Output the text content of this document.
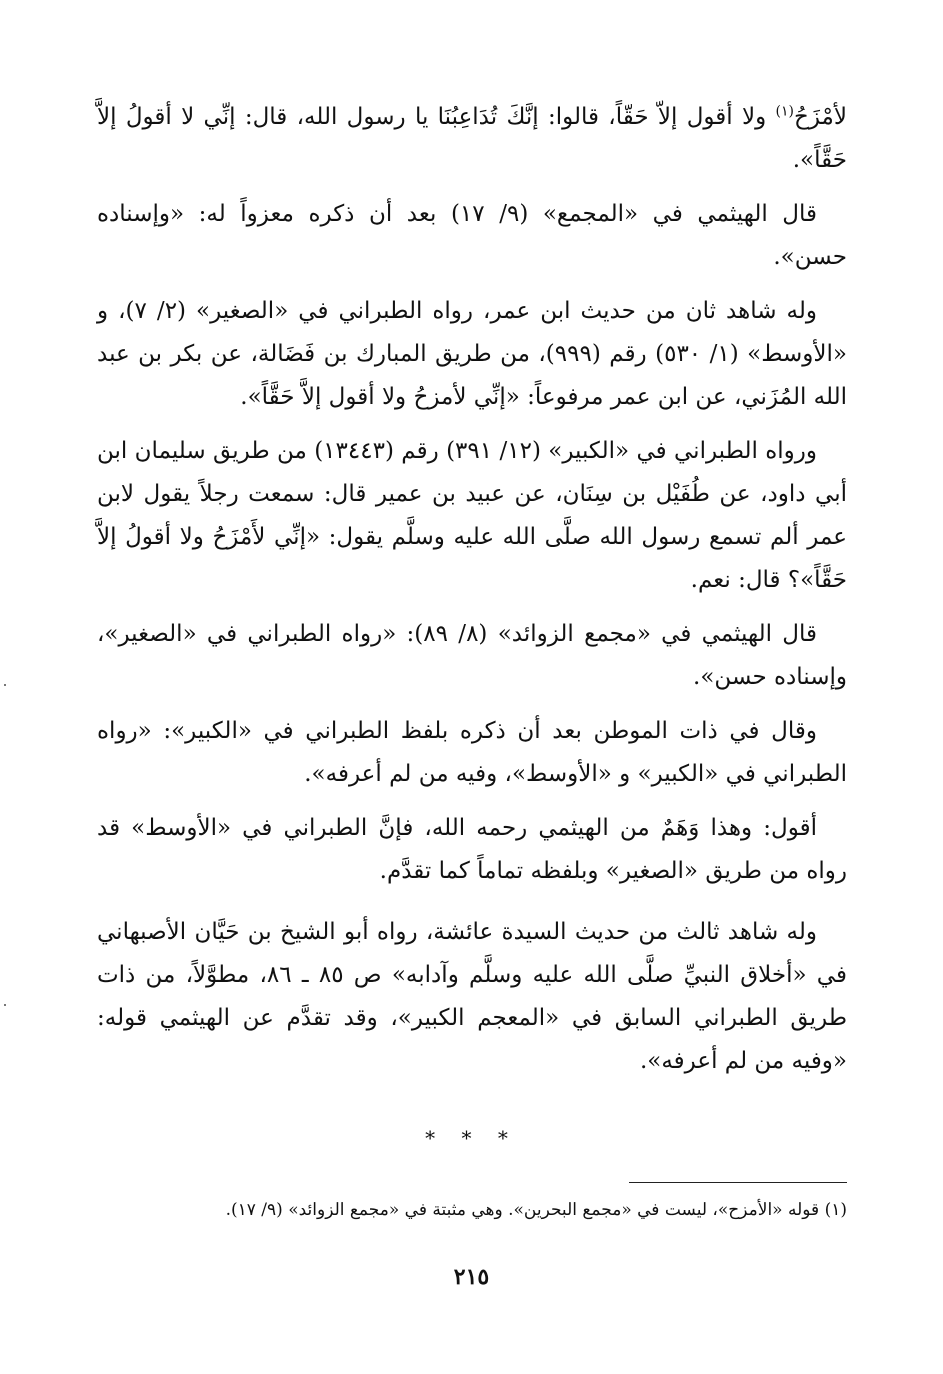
لأمْزَحُ$^{(١)}$ ولا أقول إلاّ حَقّاً، قالوا: إنَّكَ تُدَاعِبُنَا يا رسول الله، قال: إنِّي لا أقولُ إلاَّ حَقَّاً».

قال الهيثمي في «المجمع» (٩/ ١٧) بعد أن ذكره معزواً له: «وإسناده حسن».

وله شاهد ثان من حديث ابن عمر، رواه الطبراني في «الصغير» (٢/ ٧)، و «الأوسط» (١/ ٥٣٠) رقم (٩٩٩)، من طريق المبارك بن فَضَالة، عن بكر بن عبد الله المُزَني، عن ابن عمر مرفوعاً: «إنِّي لأمزحُ ولا أقول إلاَّ حَقَّاً».

ورواه الطبراني في «الكبير» (١٢/ ٣٩١) رقم (١٣٤٤٣) من طريق سليمان ابن أبي داود، عن طُفَيْل بن سِنَان، عن عبيد بن عمير قال: سمعت رجلاً يقول لابن عمر ألم تسمع رسول الله صلَّى الله عليه وسلَّم يقول: «إنِّي لأَمْزَحُ ولا أقولُ إلاَّ حَقَّاً»؟ قال: نعم.

قال الهيثمي في «مجمع الزوائد» (٨/ ٨٩): «رواه الطبراني في «الصغير»، وإسناده حسن».

وقال في ذات الموطن بعد أن ذكره بلفظ الطبراني في «الكبير»: «رواه الطبراني في «الكبير» و «الأوسط»، وفيه من لم أعرفه».

أقول: وهذا وَهَمٌ من الهيثمي رحمه الله، فإنَّ الطبراني في «الأوسط» قد رواه من طريق «الصغير» وبلفظه تماماً كما تقدَّم.

وله شاهد ثالث من حديث السيدة عائشة، رواه أبو الشيخ بن حَيَّان الأصبهاني في «أخلاق النبيِّ صلَّى الله عليه وسلَّم وآدابه» ص ٨٥ ـ ٨٦، مطوَّلاً، من ذات طريق الطبراني السابق في «المعجم الكبير»، وقد تقدَّم عن الهيثمي قوله: «وفيه من لم أعرفه».

* * *
(١) قوله «الأمزح»، ليست في «مجمع البحرين». وهي مثبتة في «مجمع الزوائد» (٩/ ١٧).
٢١٥
